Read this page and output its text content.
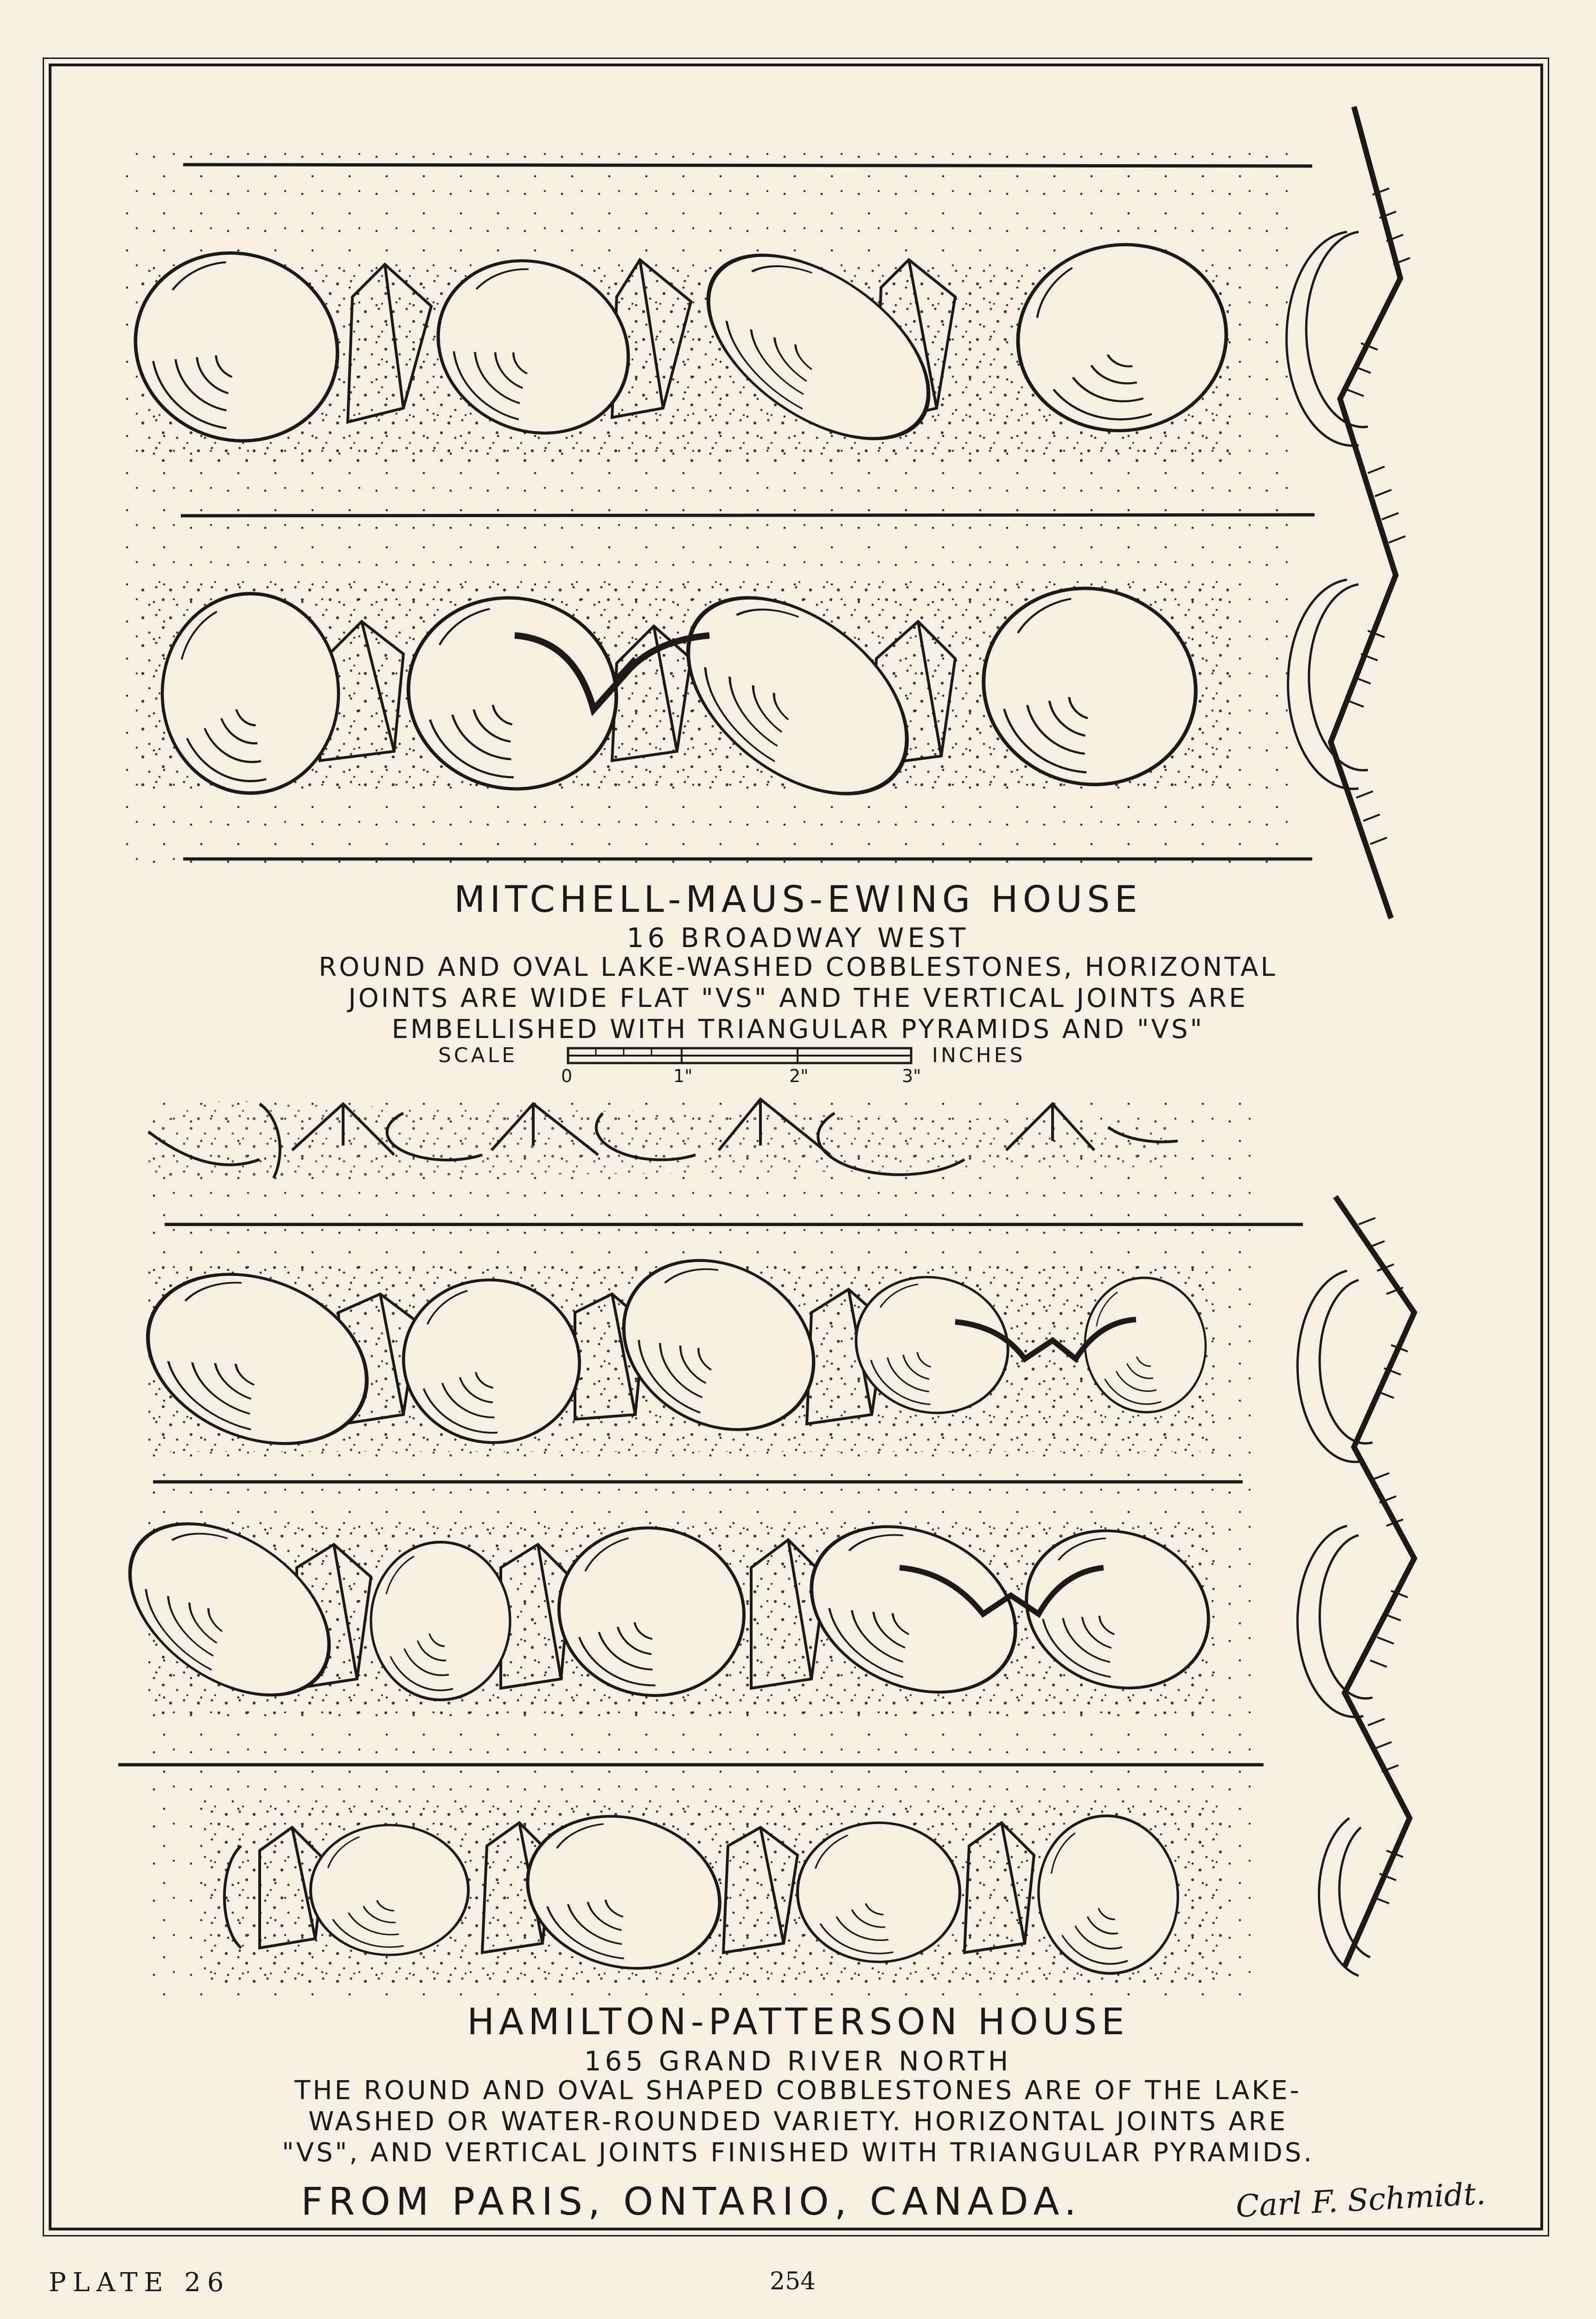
MITCHELL-MAUS-EWING HOUSE
16 BROADWAY WEST
ROUND AND OVAL LAKE-WASHED COBBLESTONES, HORIZONTAL
JOINTS ARE WIDE FLAT "VS" AND THE VERTICAL JOINTS ARE
EMBELLISHED WITH TRIANGULAR PYRAMIDS AND "VS"
SCALE	INCHES
0	1"	2"	3"
HAMILTON-PATTERSON HOUSE
165 GRAND RIVER NORTH
THE ROUND AND OVAL SHAPED COBBLESTONES ARE OF THE LAKE-
WASHED OR WATER-ROUNDED VARIETY. HORIZONTAL JOINTS ARE
"VS", AND VERTICAL JOINTS FINISHED WITH TRIANGULAR PYRAMIDS.
FROM PARIS, ONTARIO, CANADA.	Carl F. Schmidt.
PLATE 26	254
